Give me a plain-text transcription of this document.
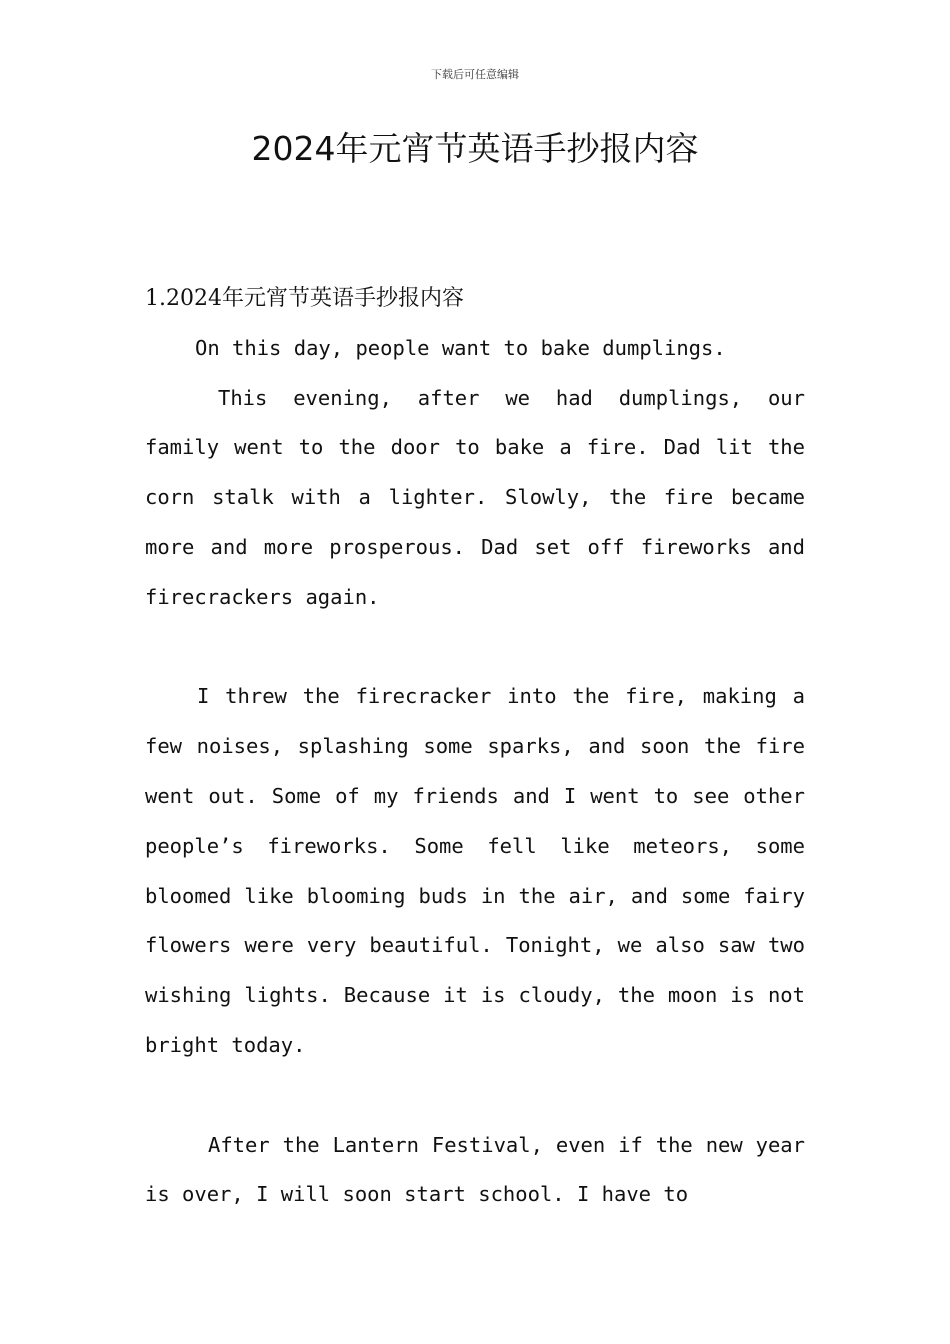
下载后可任意编辑
2024年元宵节英语手抄报内容
1.2024年元宵节英语手抄报内容

On this day, people want to bake dumplings.

This evening, after we had dumplings, our family went to the door to bake a fire. Dad lit the corn stalk with a lighter. Slowly, the fire became more and more prosperous. Dad set off fireworks and firecrackers again.

I threw the firecracker into the fire, making a few noises, splashing some sparks, and soon the fire went out. Some of my friends and I went to see other people’s fireworks. Some fell like meteors, some bloomed like blooming buds in the air, and some fairy flowers were very beautiful. Tonight, we also saw two wishing lights. Because it is cloudy, the moon is not bright today.

After the Lantern Festival, even if the new year is over, I will soon start school. I have to
